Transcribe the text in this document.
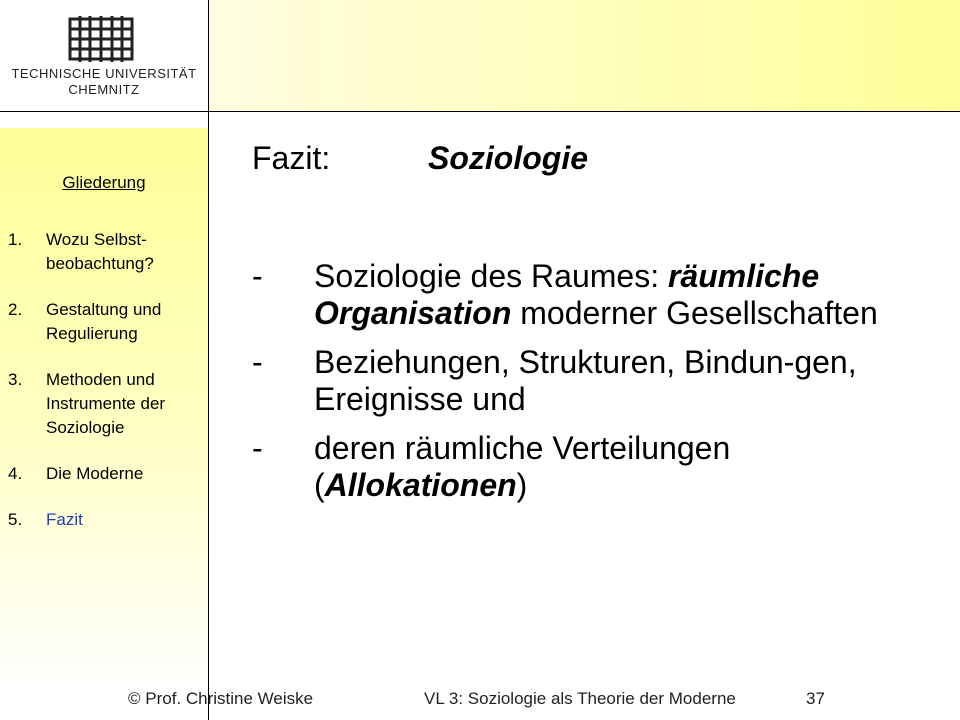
TECHNISCHE UNIVERSITÄT
CHEMNITZ
Gliederung
1.	Wozu Selbst-beobachtung?
2.	Gestaltung und Regulierung
3.	Methoden und Instrumente der Soziologie
4.	Die Moderne
5.	Fazit
Fazit:	Soziologie
-	Soziologie des Raumes: räumliche Organisation moderner Gesellschaften
-	Beziehungen, Strukturen, Bindun-gen, Ereignisse und
-	deren räumliche Verteilungen (Allokationen)
© Prof. Christine Weiske	VL 3: Soziologie als Theorie der Moderne	37
